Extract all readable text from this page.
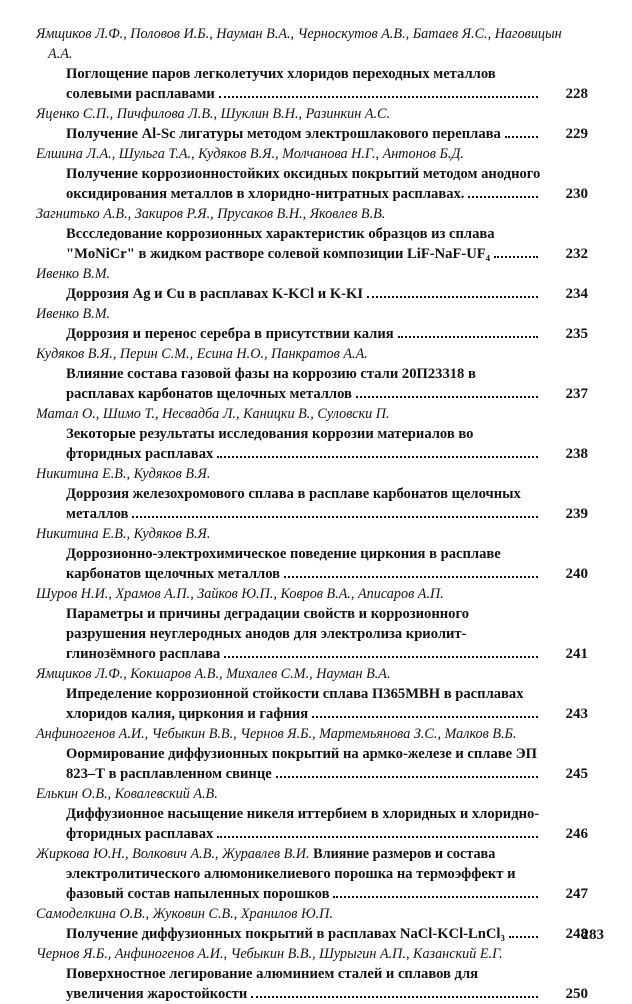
Ямщиков Л.Ф., Половов И.Б., Науман В.А., Черноскутов А.В., Батаев Я.С., Наговицын А.А.
Поглощение паров легколетучих хлоридов переходных металлов солевыми расплавами	228
Яценко С.П., Пичфилова Л.В., Шуклин В.Н., Разинкин А.С.
Получение Al-Sc лигатуры методом электрошлакового переплава	229
Елшина Л.А., Шульга Т.А., Кудяков В.Я., Молчанова Н.Г., Антонов Б.Д.
Получение коррозионностойких оксидных покрытий методом анодного оксидирования металлов в хлоридно-нитратных расплавах.	230
Загнитько А.В., Закиров Р.Я., Прусаков В.Н., Яковлев В.В.
Вссследование коррозионных характеристик образцов из сплава "MoNiCr" в жидком растворе солевой композиции LiF-NaF-UF₄	232
Ивенко В.М.
Доррозия Ag и Cu в расплавах K-KCl и K-KI	234
Ивенко В.М.
Доррозия и перенос серебра в присутствии калия	235
Кудяков В.Я., Перин С.М., Есина Н.О., Панкратов А.А.
Влияние состава газовой фазы на коррозию стали 20П23318 в расплавах карбонатов щелочных металлов	237
Матал О., Шимо Т., Несвадба Л., Каницки В., Суловски П.
Зекоторые результаты исследования коррозии материалов во фторидных расплавах	238
Никитина Е.В., Кудяков В.Я.
Доррозия железохромового сплава в расплаве карбонатов щелочных металлов	239
Никитина Е.В., Кудяков В.Я.
Доррозионно-электрохимическое поведение циркония в расплаве карбонатов щелочных металлов	240
Шуров Н.И., Храмов А.П., Зайков Ю.П., Ковров В.А., Аписаров А.П.
Параметры и причины деградации свойств и коррозионного разрушения неуглеродных анодов для электролиза криолит-глинозёмного расплава	241
Ямщиков Л.Ф., Кокшаров А.В., Михалев С.М., Науман В.А.
Ипределение коррозионной стойкости сплава П365МВН в расплавах хлоридов калия, циркония и гафния	243
Анфиногенов А.И., Чебыкин В.В., Чернов Я.Б., Мартемьянова З.С., Малков В.Б.
Оормирование диффузионных покрытий на армко-железе и сплаве ЭП 823–Т в расплавленном свинце	245
Елькин О.В., Ковалевский А.В.
Диффузионное насыщение никеля иттербием в хлоридных и хлоридно-фторидных расплавах	246
Жиркова Ю.Н., Волкович А.В., Журавлев В.И. Влияние размеров и состава
электролитического алюмоникелиевого порошка на термоэффект и фазовый состав напыленных порошков	247
Самоделкина О.В., Жуковин С.В., Хранилов Ю.П.
Получение диффузионных покрытий в расплавах NaCl-KCl-LnCl₃	248
Чернов Я.Б., Анфиногенов А.И., Чебыкин В.В., Шурыгин А.П., Казанский Е.Г.
Поверхностное легирование алюминием сталей и сплавов для увеличения жаростойкости	250
283
